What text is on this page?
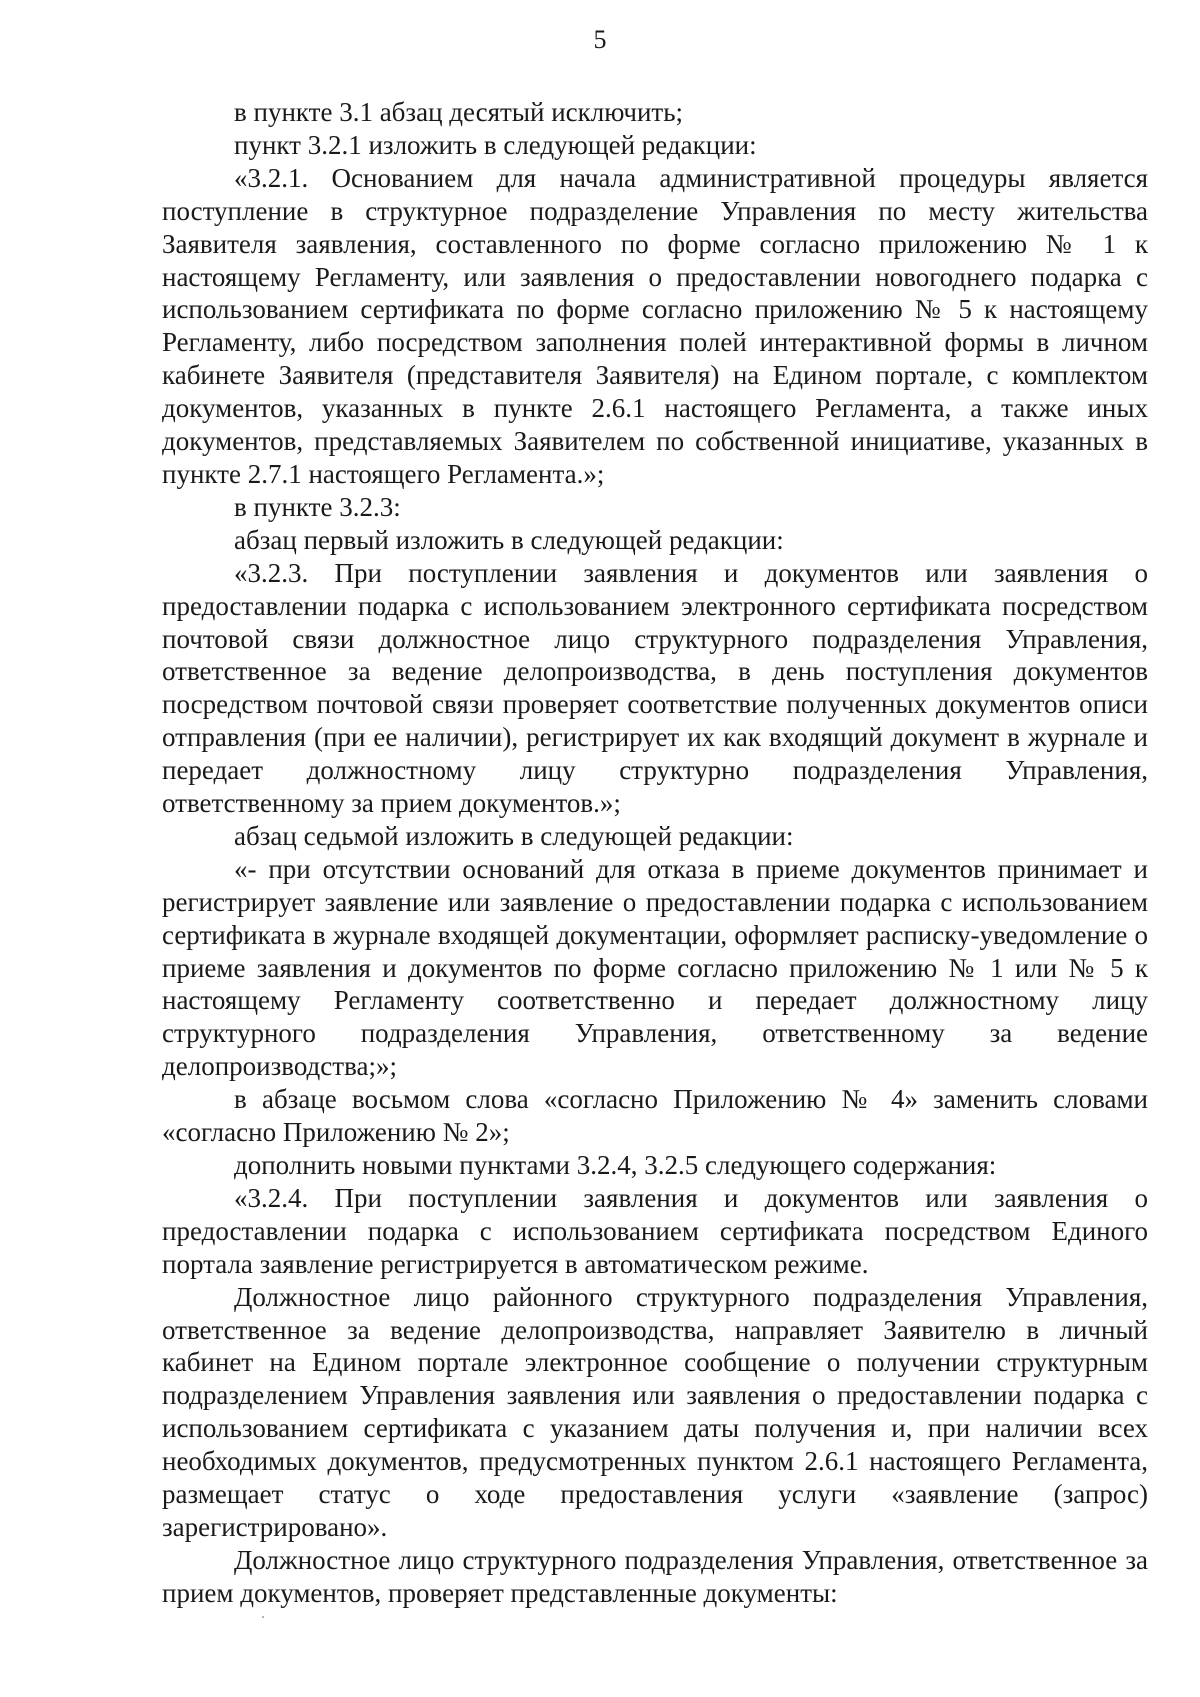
5

в пункте 3.1 абзац десятый исключить;

пункт 3.2.1 изложить в следующей редакции:

«3.2.1. Основанием для начала административной процедуры является поступление в структурное подразделение Управления по месту жительства Заявителя заявления, составленного по форме согласно приложению № 1 к настоящему Регламенту, или заявления о предоставлении новогоднего подарка с использованием сертификата по форме согласно приложению № 5 к настоящему Регламенту, либо посредством заполнения полей интерактивной формы в личном кабинете Заявителя (представителя Заявителя) на Едином портале, с комплектом документов, указанных в пункте 2.6.1 настоящего Регламента, а также иных документов, представляемых Заявителем по собственной инициативе, указанных в пункте 2.7.1 настоящего Регламента.»;

в пункте 3.2.3:

абзац первый изложить в следующей редакции:

«3.2.3. При поступлении заявления и документов или заявления о предоставлении подарка с использованием электронного сертификата посредством почтовой связи должностное лицо структурного подразделения Управления, ответственное за ведение делопроизводства, в день поступления документов посредством почтовой связи проверяет соответствие полученных документов описи отправления (при ее наличии), регистрирует их как входящий документ в журнале и передает должностному лицу структурно подразделения Управления, ответственному за прием документов.»;

абзац седьмой изложить в следующей редакции:

«- при отсутствии оснований для отказа в приеме документов принимает и регистрирует заявление или заявление о предоставлении подарка с использованием сертификата в журнале входящей документации, оформляет расписку-уведомление о приеме заявления и документов по форме согласно приложению № 1 или № 5 к настоящему Регламенту соответственно и передает должностному лицу структурного подразделения Управления, ответственному за ведение делопроизводства;»;

в абзаце восьмом слова «согласно Приложению № 4» заменить словами «согласно Приложению № 2»;

дополнить новыми пунктами 3.2.4, 3.2.5 следующего содержания:

«3.2.4. При поступлении заявления и документов или заявления о предоставлении подарка с использованием сертификата посредством Единого портала заявление регистрируется в автоматическом режиме.

Должностное лицо районного структурного подразделения Управления, ответственное за ведение делопроизводства, направляет Заявителю в личный кабинет на Едином портале электронное сообщение о получении структурным подразделением Управления заявления или заявления о предоставлении подарка с использованием сертификата с указанием даты получения и, при наличии всех необходимых документов, предусмотренных пунктом 2.6.1 настоящего Регламента, размещает статус о ходе предоставления услуги «заявление (запрос) зарегистрировано».

Должностное лицо структурного подразделения Управления, ответственное за прием документов, проверяет представленные документы:
